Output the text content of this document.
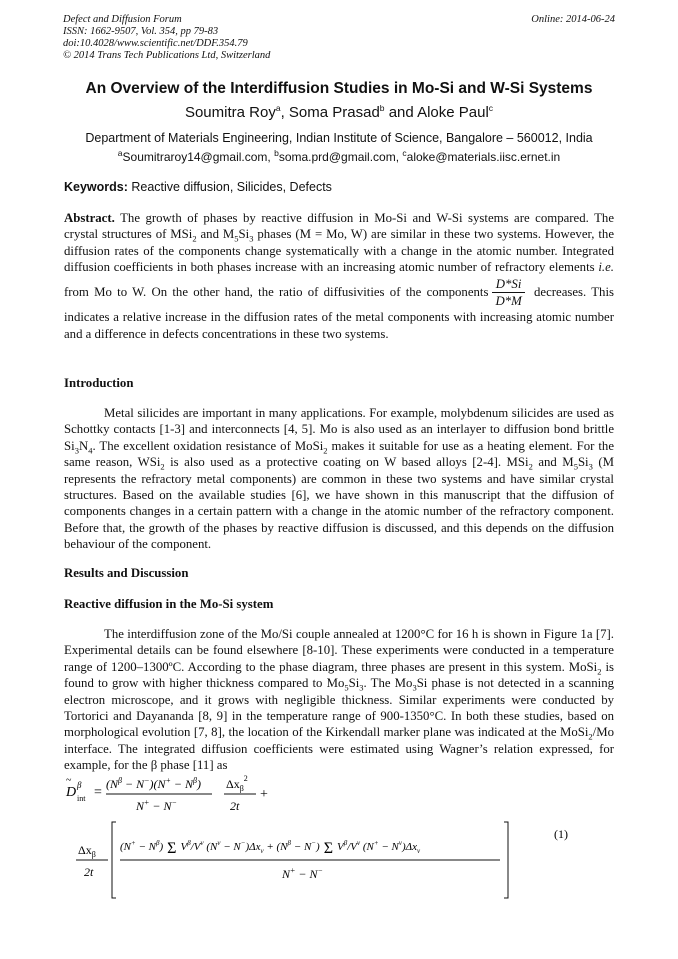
Defect and Diffusion Forum
ISSN: 1662-9507, Vol. 354, pp 79-83
doi:10.4028/www.scientific.net/DDF.354.79
© 2014 Trans Tech Publications Ltd, Switzerland
Online: 2014-06-24
An Overview of the Interdiffusion Studies in Mo-Si and W-Si Systems
Soumitra Roy$^a$, Soma Prasad$^b$ and Aloke Paul$^c$
Department of Materials Engineering, Indian Institute of Science, Bangalore – 560012, India
$^a$Soumitraroy14@gmail.com, $^b$soma.prd@gmail.com, $^c$aloke@materials.iisc.ernet.in
Keywords: Reactive diffusion, Silicides, Defects
Abstract. The growth of phases by reactive diffusion in Mo-Si and W-Si systems are compared. The crystal structures of MSi$_2$ and $M_5Si_3$ phases (M = Mo, W) are similar in these two systems. However, the diffusion rates of the components change systematically with a change in the atomic number. Integrated diffusion coefficients in both phases increase with an increasing atomic number of refractory elements i.e. from Mo to W. On the other hand, the ratio of diffusivities of the components $\frac{D*Si}{D*M}$ decreases. This indicates a relative increase in the diffusion rates of the metal components with increasing atomic number and a difference in defects concentrations in these two systems.
Introduction
Metal silicides are important in many applications. For example, molybdenum silicides are used as Schottky contacts [1-3] and interconnects [4, 5]. Mo is also used as an interlayer to diffusion bond brittle $Si_3N_4$. The excellent oxidation resistance of MoSi$_2$ makes it suitable for use as a heating element. For the same reason, WSi$_2$ is also used as a protective coating on W based alloys [2-4]. MSi$_2$ and $M_5Si_3$ (M represents the refractory metal components) are common in these two systems and have similar crystal structures. Based on the available studies [6], we have shown in this manuscript that the diffusion of components changes in a certain pattern with a change in the atomic number of the refractory component. Before that, the growth of the phases by reactive diffusion is discussed, and this depends on the diffusion behaviour of the component.
Results and Discussion
Reactive diffusion in the Mo-Si system
The interdiffusion zone of the Mo/Si couple annealed at 1200°C for 16 h is shown in Figure 1a [7]. Experimental details can be found elsewhere [8-10]. These experiments were conducted in a temperature range of 1200–1300ºC. According to the phase diagram, three phases are present in this system. MoSi$_2$ is found to grow with higher thickness compared to $Mo_5Si_3$. The $Mo_3Si$ phase is not detected in a scanning electron microscope, and it grows with negligible thickness. Similar experiments were conducted by Tortorici and Dayananda [8, 9] in the temperature range of 900-1350°C. In both these studies, based on morphological evolution [7, 8], the location of the Kirkendall marker plane was indicated at the MoSi$_2$/Mo interface. The integrated diffusion coefficients were estimated using Wagner’s relation expressed, for example, for the β phase [11] as
D
~ β
int =
$(N^\beta - N^-)(N^+ - N^\beta)$
N+ − N−
$\Delta x_\beta^2$
2t
+
$\Delta x_\beta$
2t
$(N^+ - N^\beta)$ Σ $V^\beta/V^\nu$ $(N^\nu - N^-)\Delta x_\nu + (N^\beta - N^-)$ Σ $V^\beta/V^\nu$ $(N^+ - N^\nu)\Delta x_\nu$
N+ − N−
(1)
